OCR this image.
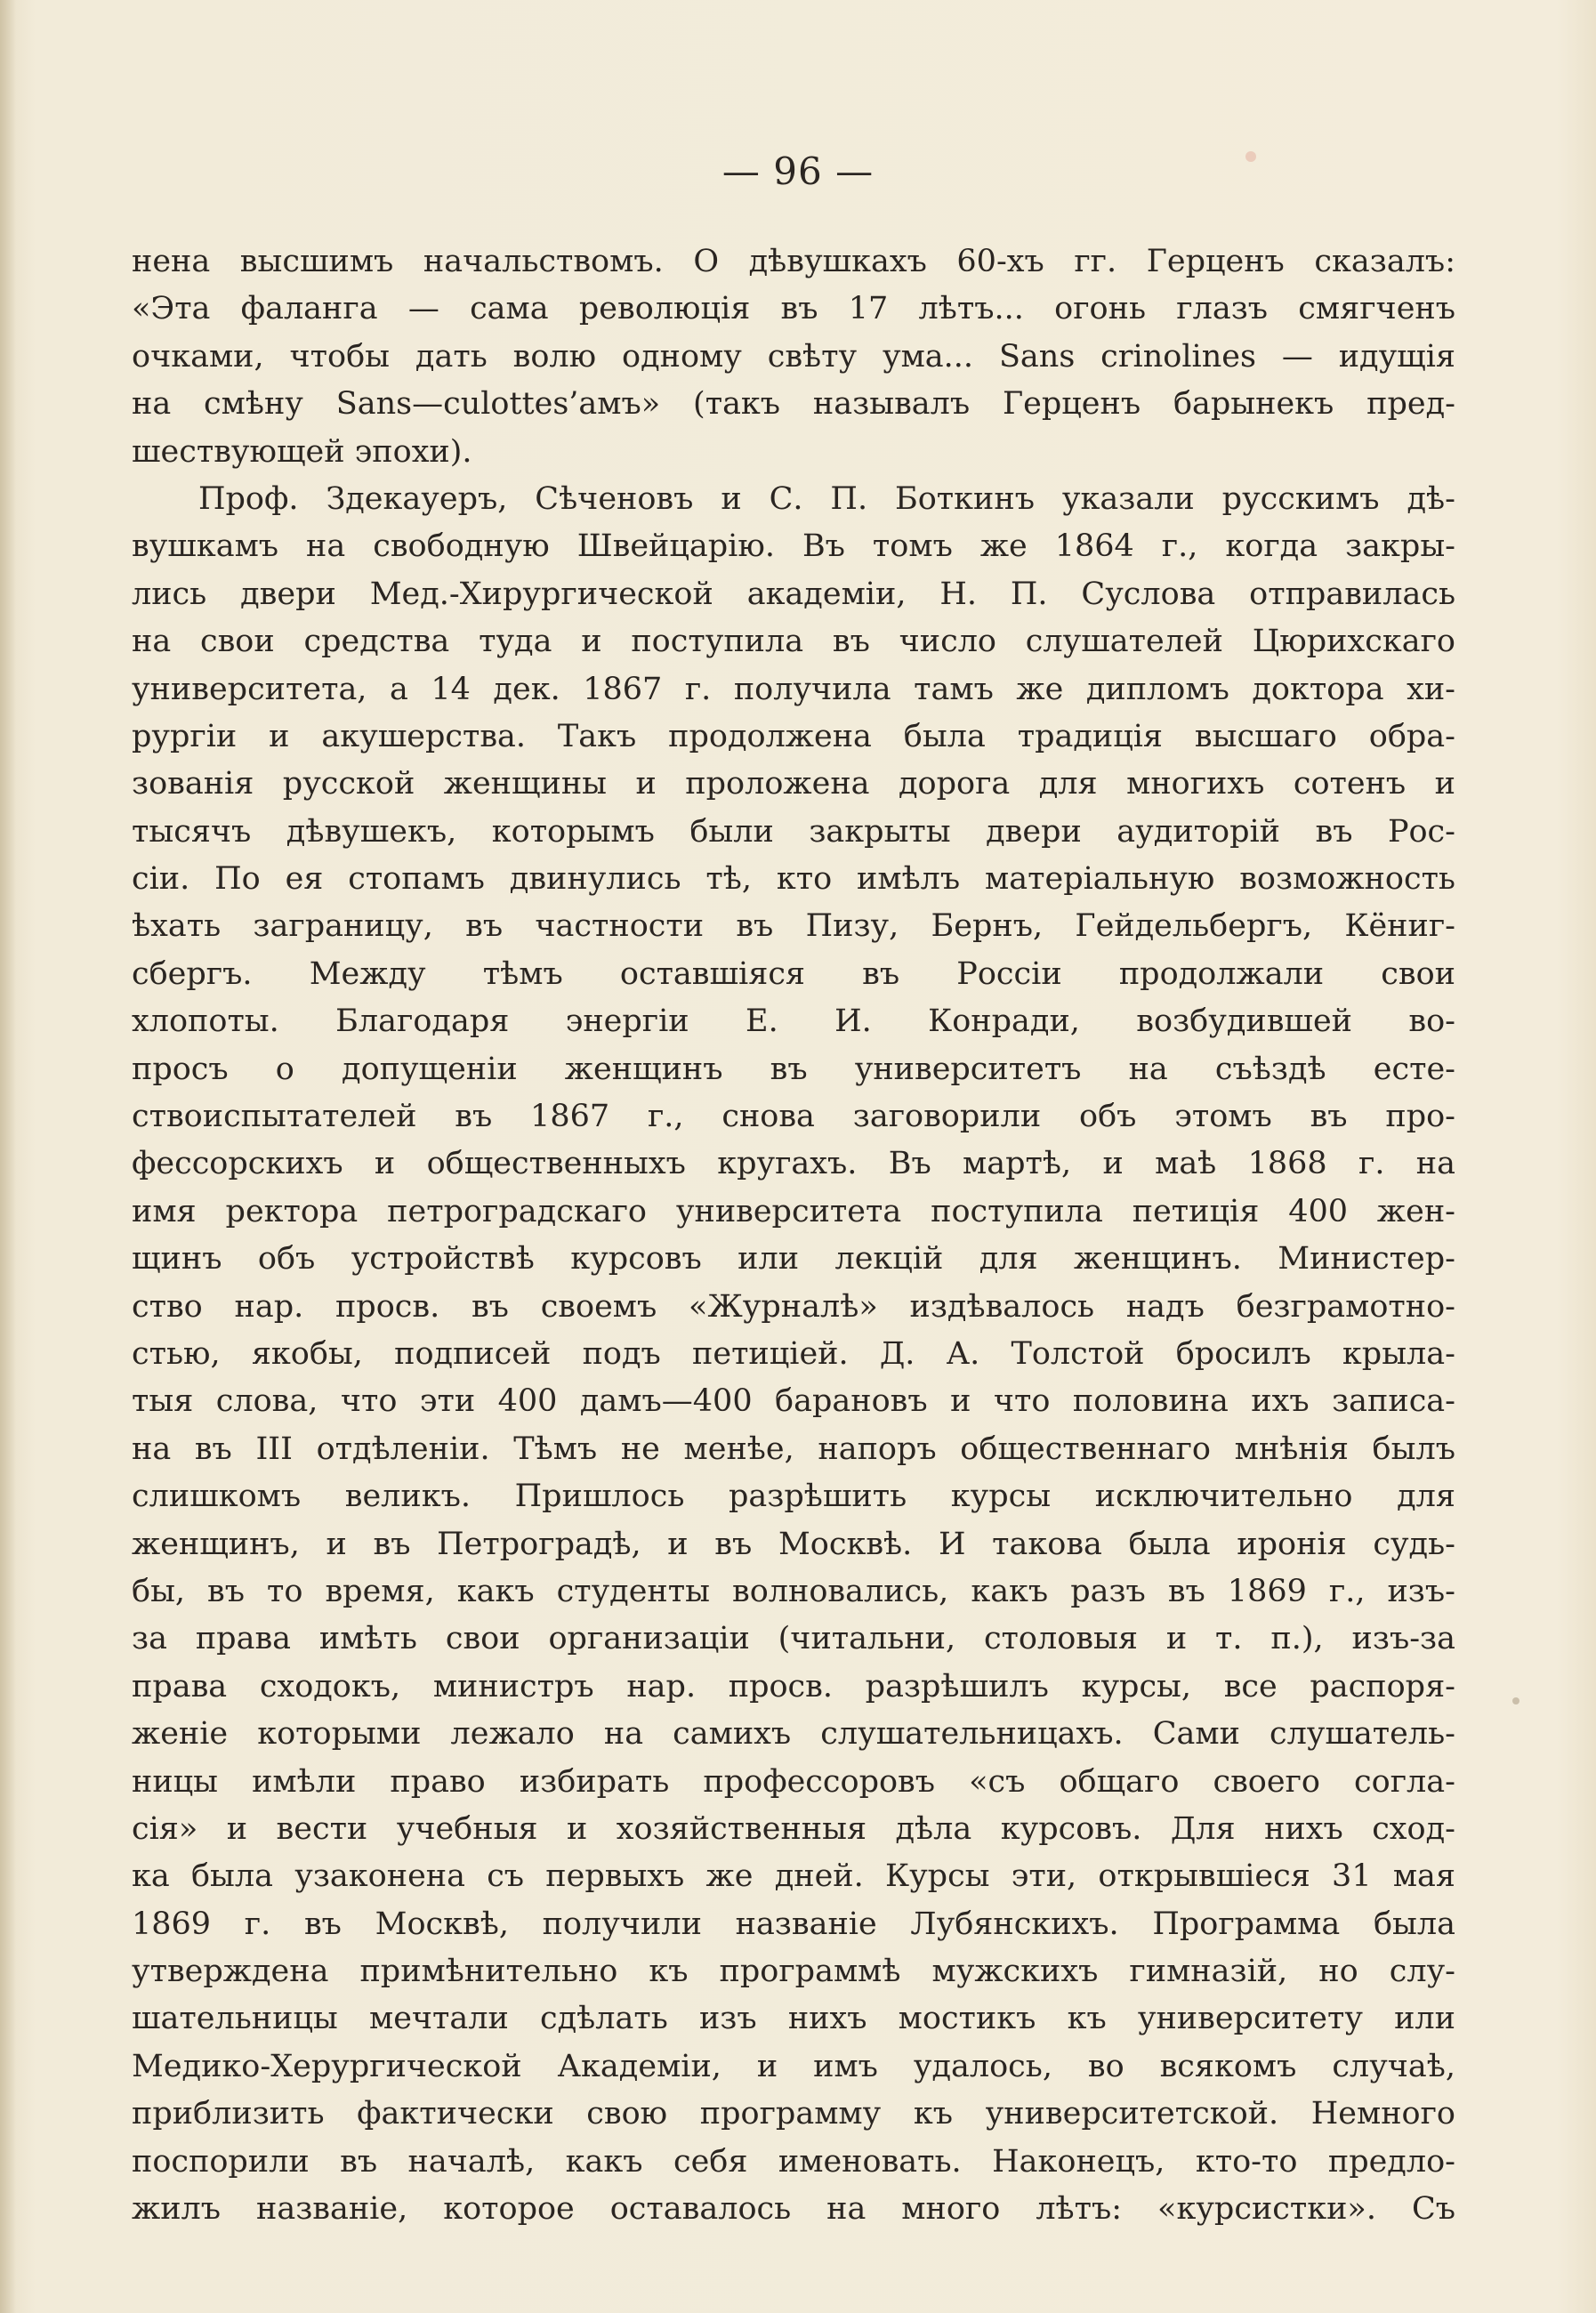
— 96 —
нена высшимъ начальствомъ. О дѣвушкахъ 60-хъ гг. Герценъ сказалъ:
«Эта фаланга — сама революція въ 17 лѣтъ... огонь глазъ смягченъ
очками, чтобы дать волю одному свѣту ума... Sans crinolines — идущія
на смѣну Sans—culottes’амъ» (такъ называлъ Герценъ барынекъ пред-
шествующей эпохи).
Проф. Здекауеръ, Сѣченовъ и С. П. Боткинъ указали русскимъ дѣ-
вушкамъ на свободную Швейцарію. Въ томъ же 1864 г., когда закры-
лись двери Мед.-Хирургической академіи, Н. П. Суслова отправилась
на свои средства туда и поступила въ число слушателей Цюрихскаго
университета, а 14 дек. 1867 г. получила тамъ же дипломъ доктора хи-
рургіи и акушерства. Такъ продолжена была традиція высшаго обра-
зованія русской женщины и проложена дорога для многихъ сотенъ и
тысячъ дѣвушекъ, которымъ были закрыты двери аудиторій въ Рос-
сіи. По ея стопамъ двинулись тѣ, кто имѣлъ матеріальную возможность
ѣхать заграницу, въ частности въ Пизу, Бернъ, Гейдельбергъ, Кёниг-
сбергъ. Между тѣмъ оставшіяся въ Россіи продолжали свои
хлопоты. Благодаря энергіи Е. И. Конради, возбудившей во-
просъ о допущеніи женщинъ въ университетъ на съѣздѣ есте-
ствоиспытателей въ 1867 г., снова заговорили объ этомъ въ про-
фессорскихъ и общественныхъ кругахъ. Въ мартѣ, и маѣ 1868 г. на
имя ректора петроградскаго университета поступила петиція 400 жен-
щинъ объ устройствѣ курсовъ или лекцій для женщинъ. Министер-
ство нар. просв. въ своемъ «Журналѣ» издѣвалось надъ безграмотно-
стью, якобы, подписей подъ петиціей. Д. А. Толстой бросилъ крыла-
тыя слова, что эти 400 дамъ—400 барановъ и что половина ихъ записа-
на въ III отдѣленіи. Тѣмъ не менѣе, напоръ общественнаго мнѣнія былъ
слишкомъ великъ. Пришлось разрѣшить курсы исключительно для
женщинъ, и въ Петроградѣ, и въ Москвѣ. И такова была иронія судь-
бы, въ то время, какъ студенты волновались, какъ разъ въ 1869 г., изъ-
за права имѣть свои организаціи (читальни, столовыя и т. п.), изъ-за
права сходокъ, министръ нар. просв. разрѣшилъ курсы, все распоря-
женіе которыми лежало на самихъ слушательницахъ. Сами слушатель-
ницы имѣли право избирать профессоровъ «съ общаго своего согла-
сія» и вести учебныя и хозяйственныя дѣла курсовъ. Для нихъ сход-
ка была узаконена съ первыхъ же дней. Курсы эти, открывшіеся 31 мая
1869 г. въ Москвѣ, получили названіе Лубянскихъ. Программа была
утверждена примѣнительно къ программѣ мужскихъ гимназій, но слу-
шательницы мечтали сдѣлать изъ нихъ мостикъ къ университету или
Медико-Херургической Академіи, и имъ удалось, во всякомъ случаѣ,
приблизить фактически свою программу къ университетской. Немного
поспорили въ началѣ, какъ себя именовать. Наконецъ, кто-то предло-
жилъ названіе, которое оставалось на много лѣтъ: «курсистки». Съ
